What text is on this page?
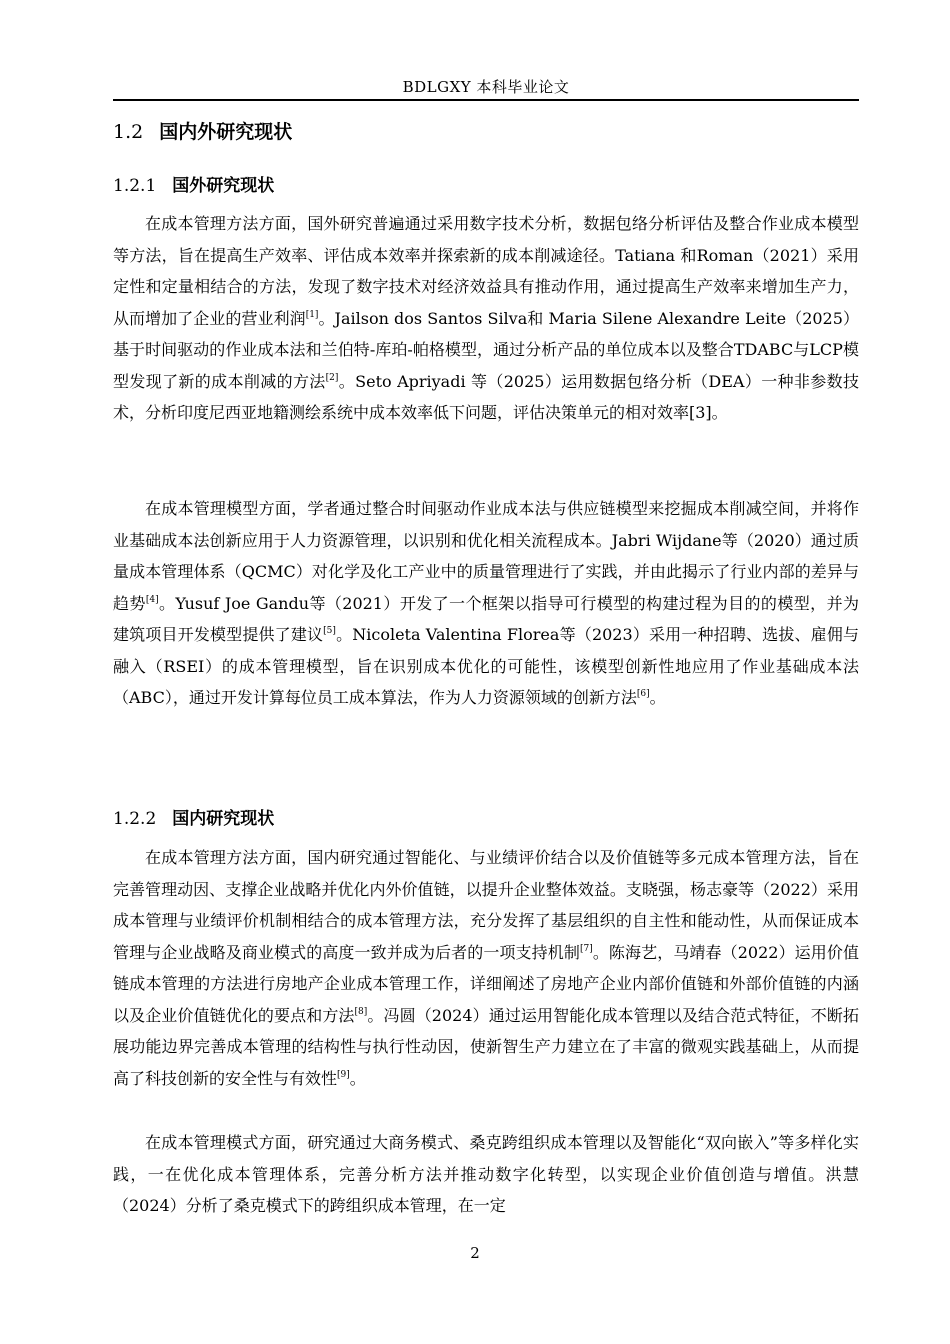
BDLGXY 本科毕业论文
1.2 国内外研究现状
1.2.1 国外研究现状

在成本管理方法方面，国外研究普遍通过采用数字技术分析，数据包络分析评估及整合作业成本模型等方法，旨在提高生产效率、评估成本效率并探索新的成本削减途径。Tatiana 和Roman（2021）采用定性和定量相结合的方法，发现了数字技术对经济效益具有推动作用，通过提高生产效率来增加生产力，从而增加了企业的营业利润[1]。Jailson dos Santos Silva和 Maria Silene Alexandre Leite（2025）基于时间驱动的作业成本法和兰伯特-库珀-帕格模型，通过分析产品的单位成本以及整合TDABC与LCP模型发现了新的成本削减的方法[2]。Seto Apriyadi 等（2025）运用数据包络分析（DEA）一种非参数技术，分析印度尼西亚地籍测绘系统中成本效率低下问题，评估决策单元的相对效率[3]。

在成本管理模型方面，学者通过整合时间驱动作业成本法与供应链模型来挖掘成本削减空间，并将作业基础成本法创新应用于人力资源管理，以识别和优化相关流程成本。Jabri Wijdane等（2020）通过质量成本管理体系（QCMC）对化学及化工产业中的质量管理进行了实践，并由此揭示了行业内部的差异与趋势[4]。Yusuf Joe Gandu等（2021）开发了一个框架以指导可行模型的构建过程为目的的模型，并为建筑项目开发模型提供了建议[5]。Nicoleta Valentina Florea等（2023）采用一种招聘、选拔、雇佣与融入（RSEI）的成本管理模型，旨在识别成本优化的可能性，该模型创新性地应用了作业基础成本法（ABC），通过开发计算每位员工成本算法，作为人力资源领域的创新方法[6]。

1.2.2 国内研究现状

在成本管理方法方面，国内研究通过智能化、与业绩评价结合以及价值链等多元成本管理方法，旨在完善管理动因、支撑企业战略并优化内外价值链，以提升企业整体效益。支晓强，杨志豪等（2022）采用成本管理与业绩评价机制相结合的成本管理方法，充分发挥了基层组织的自主性和能动性，从而保证成本管理与企业战略及商业模式的高度一致并成为后者的一项支持机制[7]。陈海艺，马靖春（2022）运用价值链成本管理的方法进行房地产企业成本管理工作，详细阐述了房地产企业内部价值链和外部价值链的内涵以及企业价值链优化的要点和方法[8]。冯圆（2024）通过运用智能化成本管理以及结合范式特征，不断拓展功能边界完善成本管理的结构性与执行性动因，使新智生产力建立在了丰富的微观实践基础上，从而提高了科技创新的安全性与有效性[9]。

在成本管理模式方面，研究通过大商务模式、桑克跨组织成本管理以及智能化“双向嵌入”等多样化实践，一在优化成本管理体系，完善分析方法并推动数字化转型，以实现企业价值创造与增值。洪慧（2024）分析了桑克模式下的跨组织成本管理，在一定

2
